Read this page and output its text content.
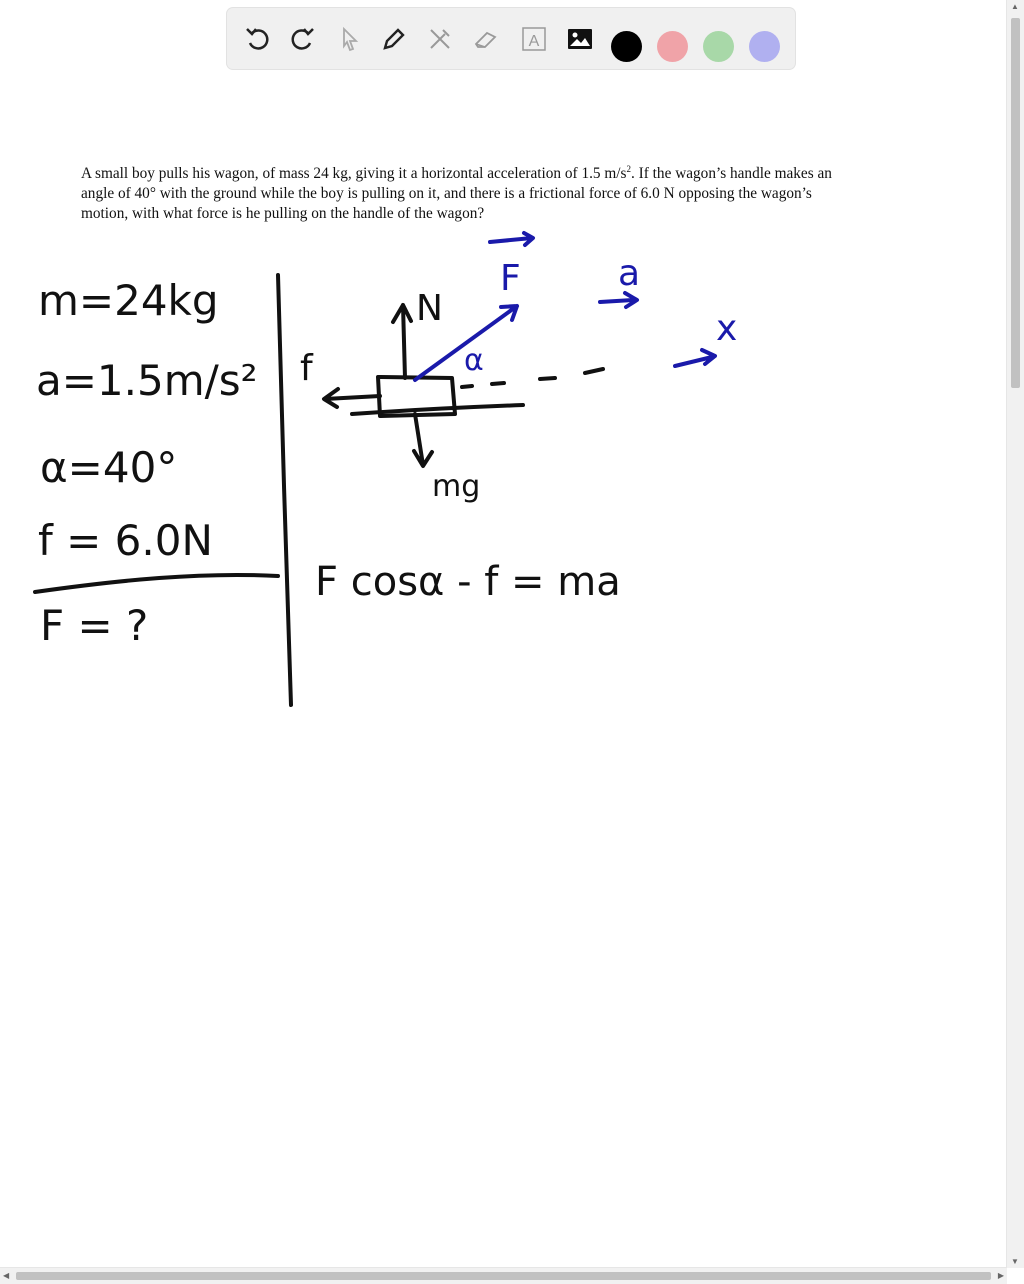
A
A small boy pulls his wagon, of mass 24 kg, giving it a horizontal acceleration of 1.5 $m/s^2$. If the wagon’s handle makes an angle of 40° with the ground while the boy is pulling on it, and there is a frictional force of 6.0 N opposing the wagon’s motion, with what force is he pulling on the handle of the wagon?
m=24kg
a=1.5m/s²
α=40°
f = 6.0N
F = ?
f
N
mg
F cosα - f = ma
α
F	a
x
▲
▼
◀	▶
